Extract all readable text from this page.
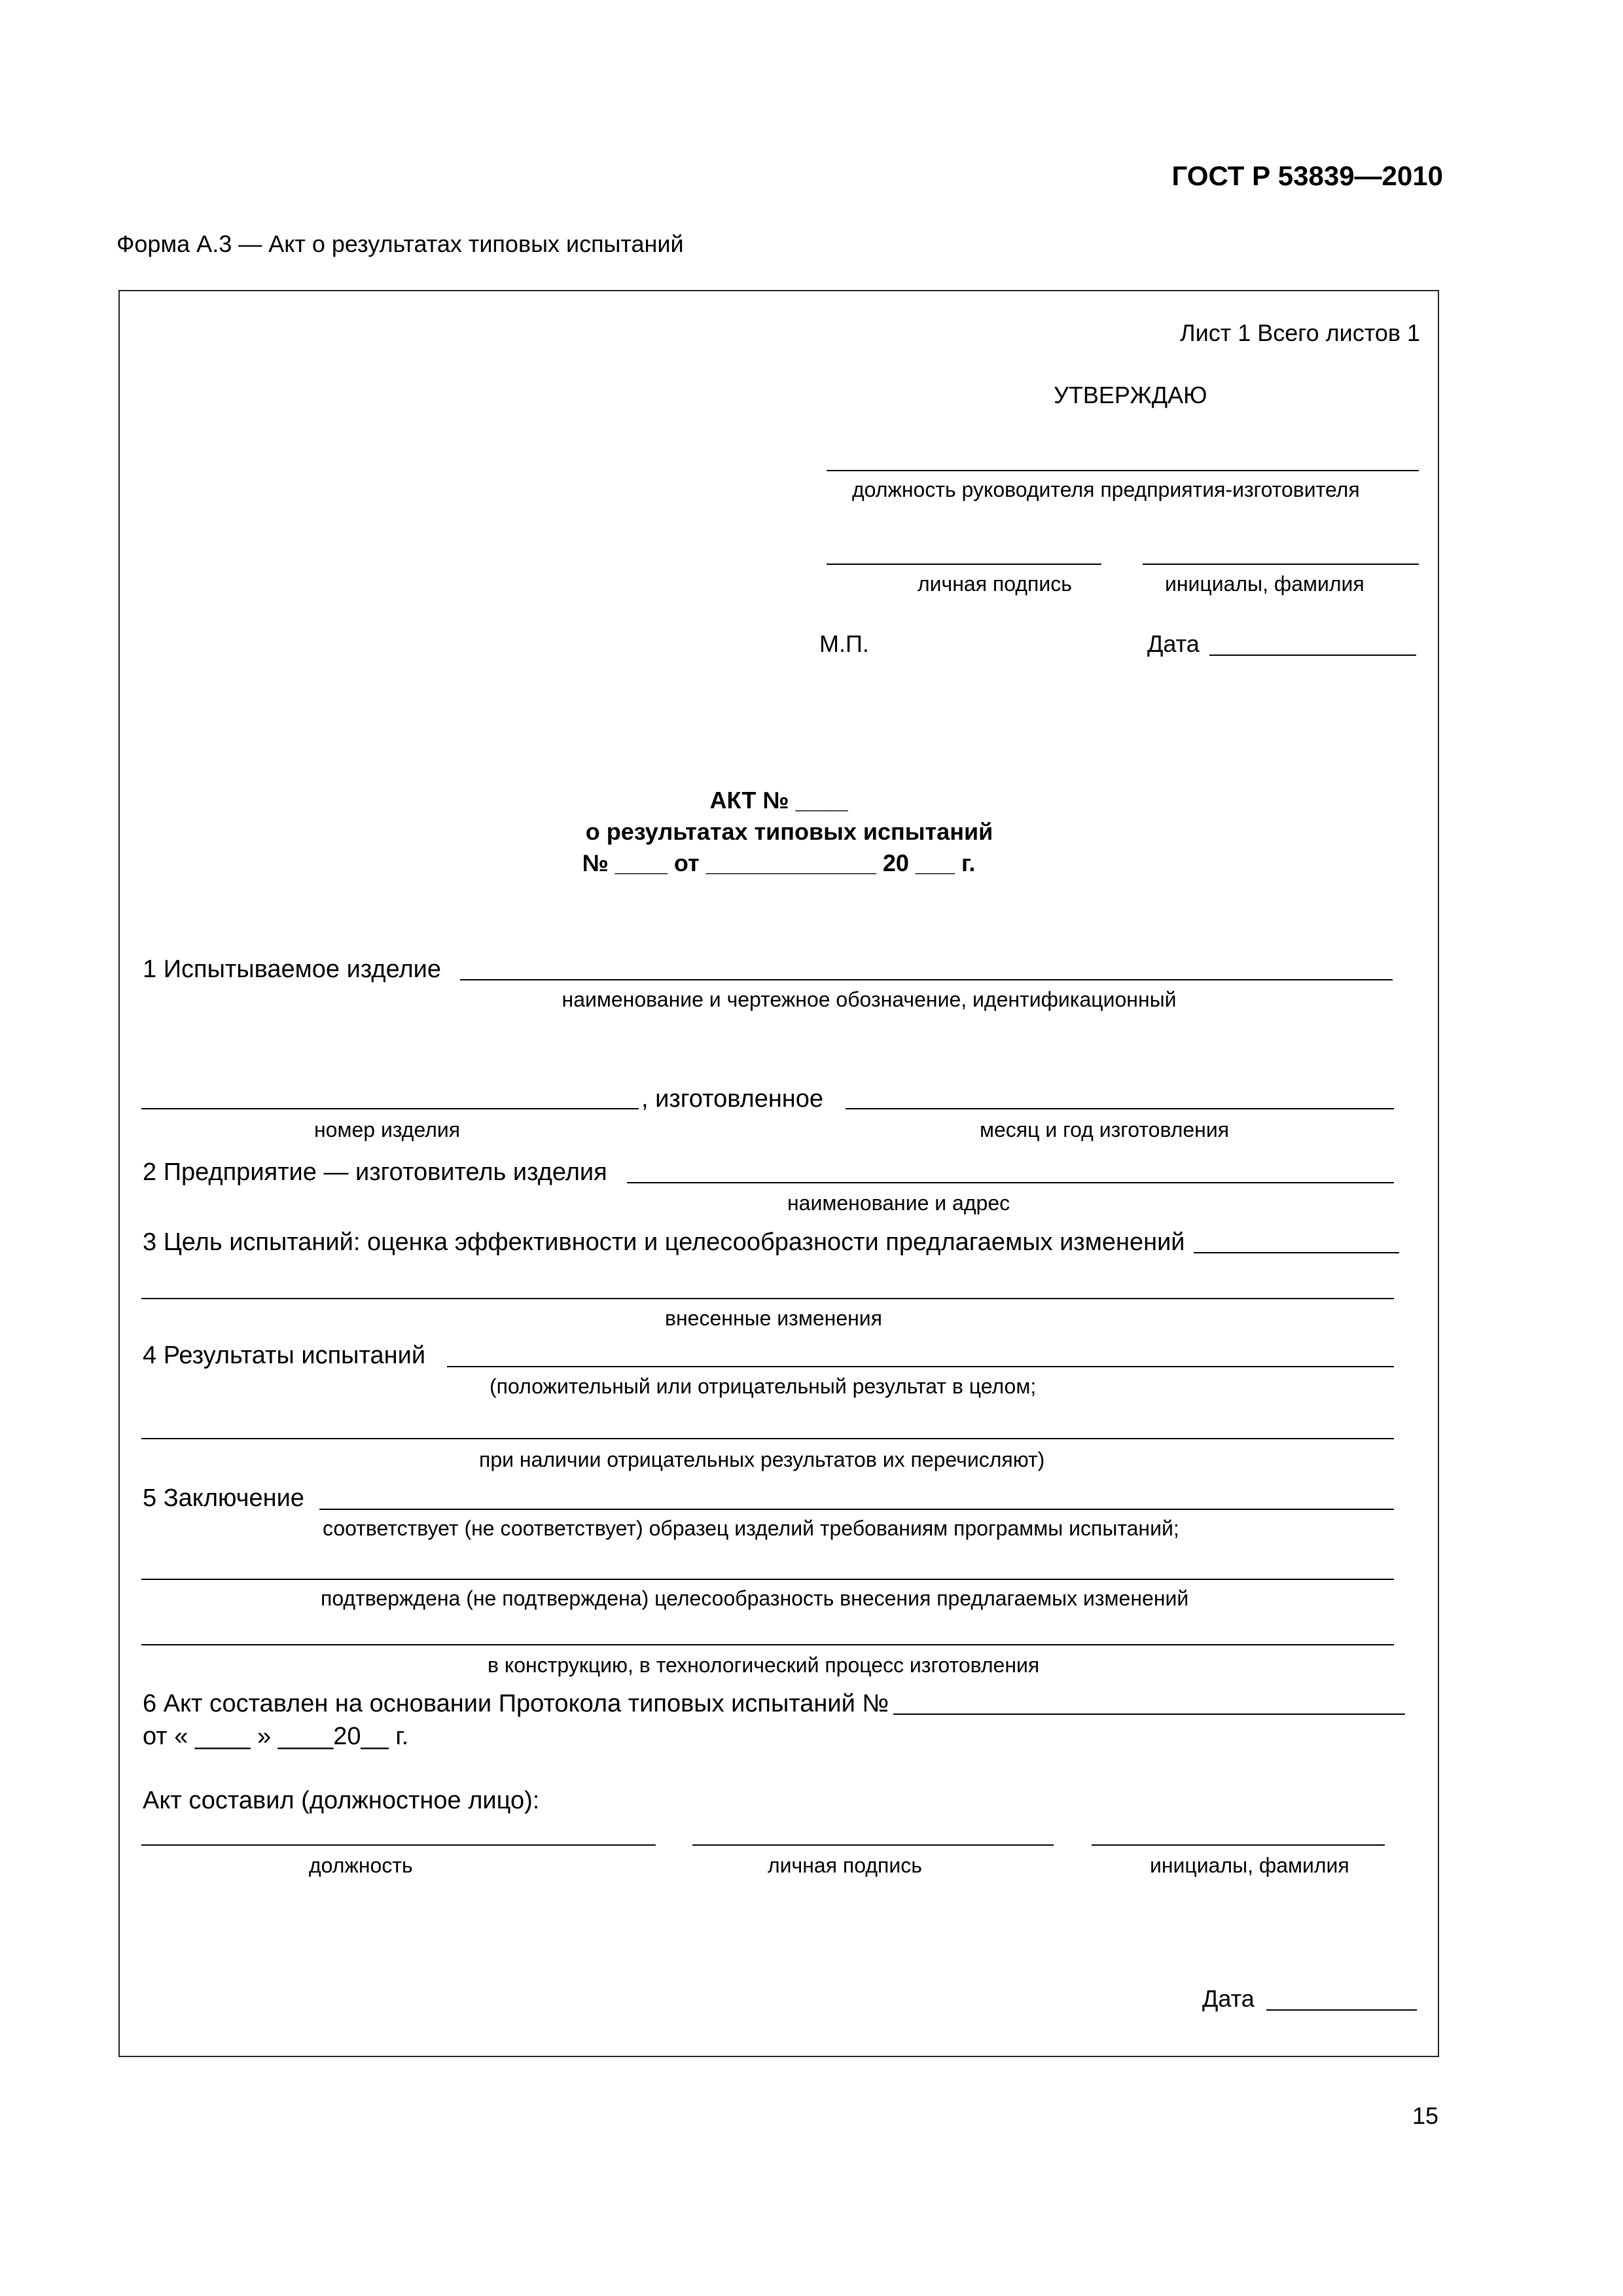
ГОСТ Р 53839—2010
Форма А.3 — Акт о результатах типовых испытаний
Лист 1 Всего листов 1
УТВЕРЖДАЮ
должность руководителя предприятия-изготовителя
личная подпись	инициалы, фамилия
М.П.	Дата
АКТ № ____
о результатах типовых испытаний
№ ____ от _____________ 20 ___ г.
1 Испытываемое изделие
наименование и чертежное обозначение, идентификационный
, изготовленное
номер изделия	месяц и год изготовления
2 Предприятие — изготовитель изделия
наименование и адрес
3 Цель испытаний: оценка эффективности и целесообразности предлагаемых изменений
внесенные изменения
4 Результаты испытаний
(положительный или отрицательный результат в целом;
при наличии отрицательных результатов их перечисляют)
5 Заключение
соответствует (не соответствует) образец изделий требованиям программы испытаний;
подтверждена (не подтверждена) целесообразность внесения предлагаемых изменений
в конструкцию, в технологический процесс изготовления
6 Акт составлен на основании Протокола типовых испытаний №
от « ____ » ____20__ г.
Акт составил (должностное лицо):
должность	личная подпись	инициалы, фамилия
Дата
15
